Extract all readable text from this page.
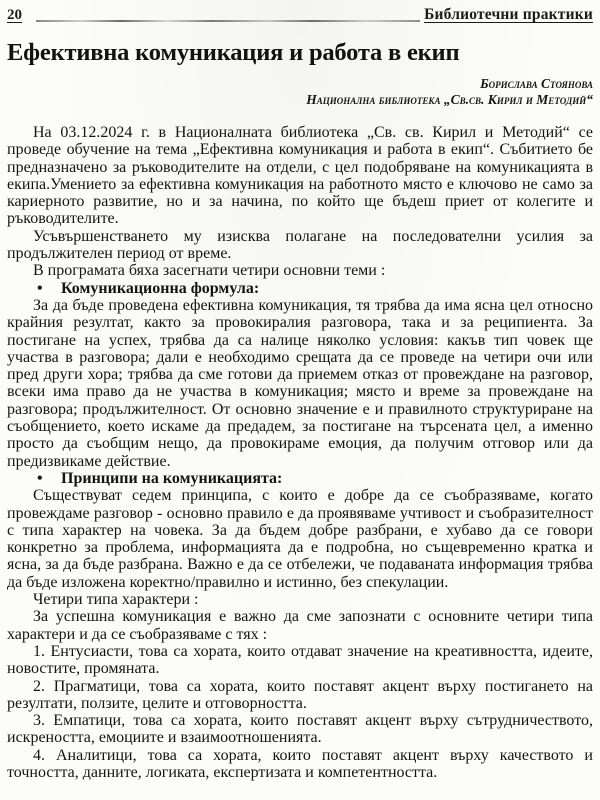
20	Библиотечни практики
Ефективна комуникация и работа в екип
Борислава Стоянова
Национална библиотека „Св.св. Кирил и Методий“

На 03.12.2024 г. в Националната библиотека „Св. св. Кирил и Методий“ се проведе обучение на тема „Ефективна комуникация и работа в екип“. Събитието бе предназначено за ръководителите на отдели, с цел подобряване на комуникацията в екипа.Умението за ефективна комуникация на работното място е ключово не само за кариерното развитие, но и за начина, по който ще бъдеш приет от колегите и ръководителите.

Усъвършенстването му изисква полагане на последователни усилия за продължителен период от време.

В програмата бяха засегнати четири основни теми :

• Комуникационна формула:

За да бъде проведена ефективна комуникация, тя трябва да има ясна цел относно крайния резултат, както за провокиралия разговора, така и за реципиента. За постигане на успех, трябва да са налице няколко условия: какъв тип човек ще участва в разговора; дали е необходимо срещата да се проведе на четири очи или пред други хора; трябва да сме готови да приемем отказ от провеждане на разговор, всеки има право да не участва в комуникация; място и време за провеждане на разговора; продължителност. От основно значение е и правилното структуриране на съобщението, което искаме да предадем, за постигане на търсената цел, а именно просто да съобщим нещо, да провокираме емоция, да получим отговор или да предизвикаме действие.

• Принципи на комуникацията:

Съществуват седем принципа, с които е добре да се съобразяваме, когато провеждаме разговор - основно правило е да проявяваме учтивост и съобразителност с типа характер на човека. За да бъдем добре разбрани, е хубаво да се говори конкретно за проблема, информацията да е подробна, но същевременно кратка и ясна, за да бъде разбрана. Важно е да се отбележи, че подаваната информация трябва да бъде изложена коректно/правилно и истинно, без спекулации.

Четири типа характери :

За успешна комуникация е важно да сме запознати с основните четири типа характери и да се съобразяваме с тях :

1. Ентусиасти, това са хората, които отдават значение на креативността, идеите, новостите, промяната.

2. Прагматици, това са хората, които поставят акцент върху постигането на резултати, ползите, целите и отговорността.

3. Емпатици, това са хората, които поставят акцент върху сътрудничеството, искреността, емоциите и взаимоотношенията.

4. Аналитици, това са хората, които поставят акцент върху качеството и точността, данните, логиката, експертизата и компетентността.
